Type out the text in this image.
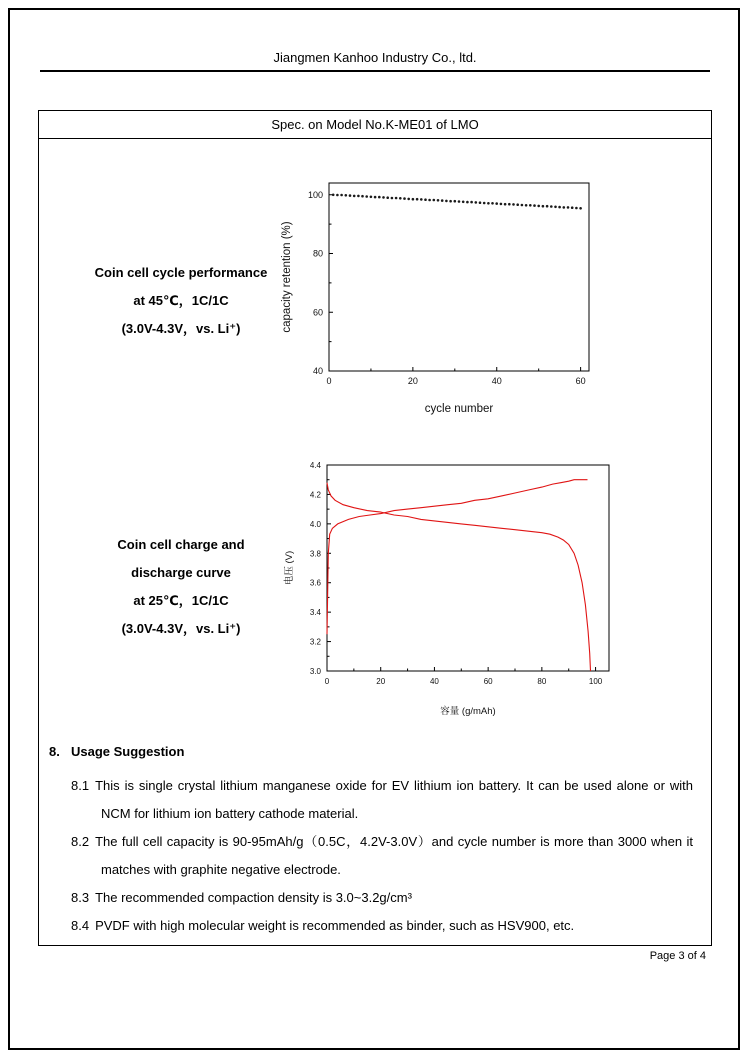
Jiangmen Kanhoo Industry Co., ltd.
Spec. on Model No.K-ME01 of LMO
Coin cell cycle performance
at 45℃，1C/1C
(3.0V-4.3V，vs. Li⁺)
0	20	40	60
40
60
80
100
cycle number
capacity retention (%)
Coin cell charge and
discharge curve
at 25℃，1C/1C
(3.0V-4.3V，vs. Li⁺)
0	20	40	60	80	100
3.0
3.2
3.4
3.6
3.8
4.0
4.2
4.4
容量 (g/mAh)
电压 (V)
8. Usage Suggestion
8.1 This is single crystal lithium manganese oxide for EV lithium ion battery. It can be used alone or with NCM for lithium ion battery cathode material.
8.2 The full cell capacity is 90-95mAh/g（0.5C，4.2V-3.0V）and cycle number is more than 3000 when it matches with graphite negative electrode.
8.3 The recommended compaction density is 3.0~3.2g/cm³
8.4 PVDF with high molecular weight is recommended as binder, such as HSV900, etc.
Page 3 of 4
